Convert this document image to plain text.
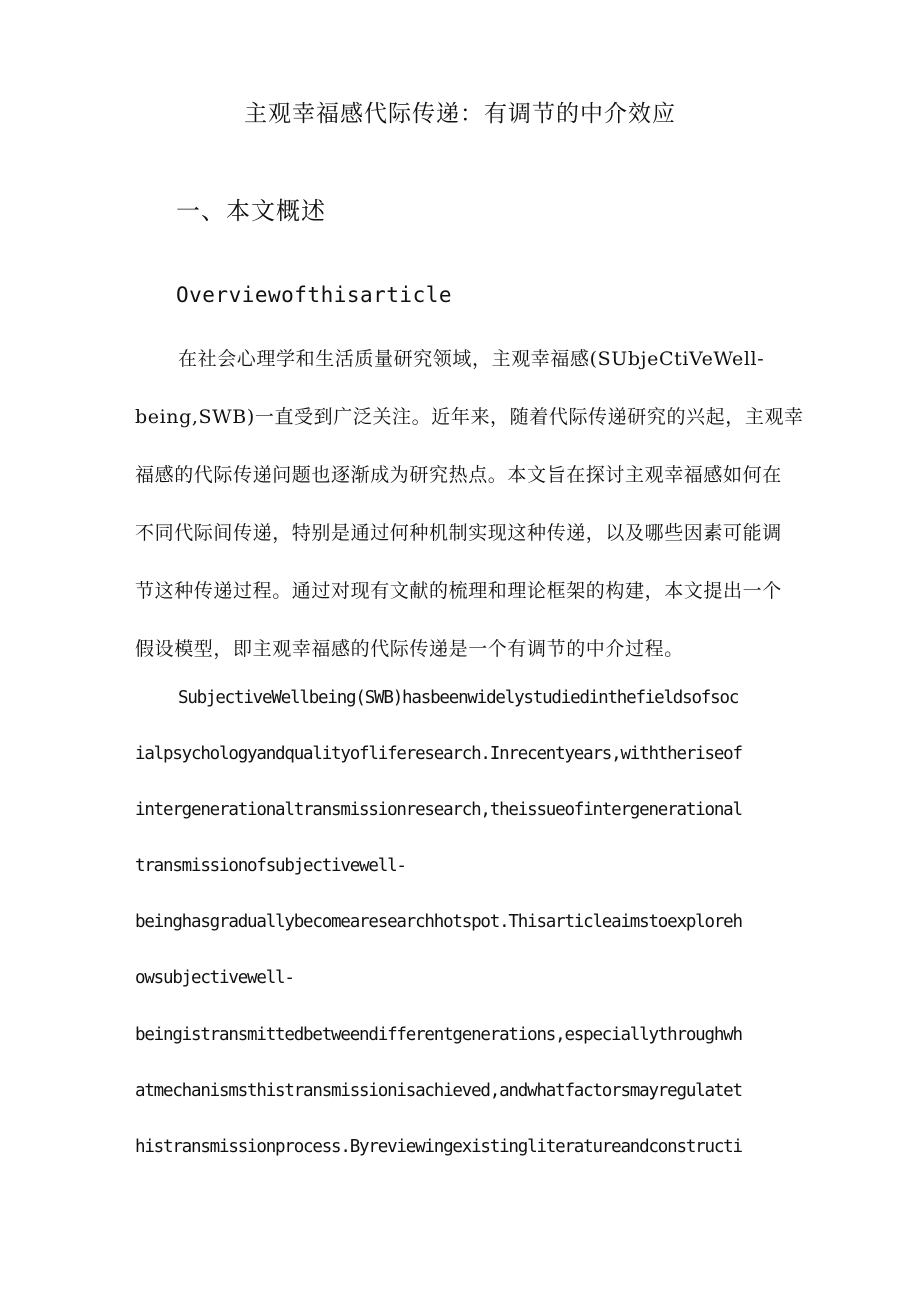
主观幸福感代际传递：有调节的中介效应
一、本文概述
Overviewofthisarticle
在社会心理学和生活质量研究领域，主观幸福感(SUbjeCtiVeWell-
being,SWB)一直受到广泛关注。近年来，随着代际传递研究的兴起，主观幸
福感的代际传递问题也逐渐成为研究热点。本文旨在探讨主观幸福感如何在
不同代际间传递，特别是通过何种机制实现这种传递，以及哪些因素可能调
节这种传递过程。通过对现有文献的梳理和理论框架的构建，本文提出一个
假设模型，即主观幸福感的代际传递是一个有调节的中介过程。
SubjectiveWellbeing(SWB)hasbeenwidelystudiedinthefieldsofsoc
ialpsychologyandqualityofliferesearch.Inrecentyears,withtheriseof
intergenerationaltransmissionresearch,theissueofintergenerational
transmissionofsubjectivewell-
beinghasgraduallybecomearesearchhotspot.Thisarticleaimstoexploreh
owsubjectivewell-
beingistransmittedbetweendifferentgenerations,especiallythroughwh
atmechanismsthistransmissionisachieved,andwhatfactorsmayregulatet
histransmissionprocess.Byreviewingexistingliteratureandconstructi
